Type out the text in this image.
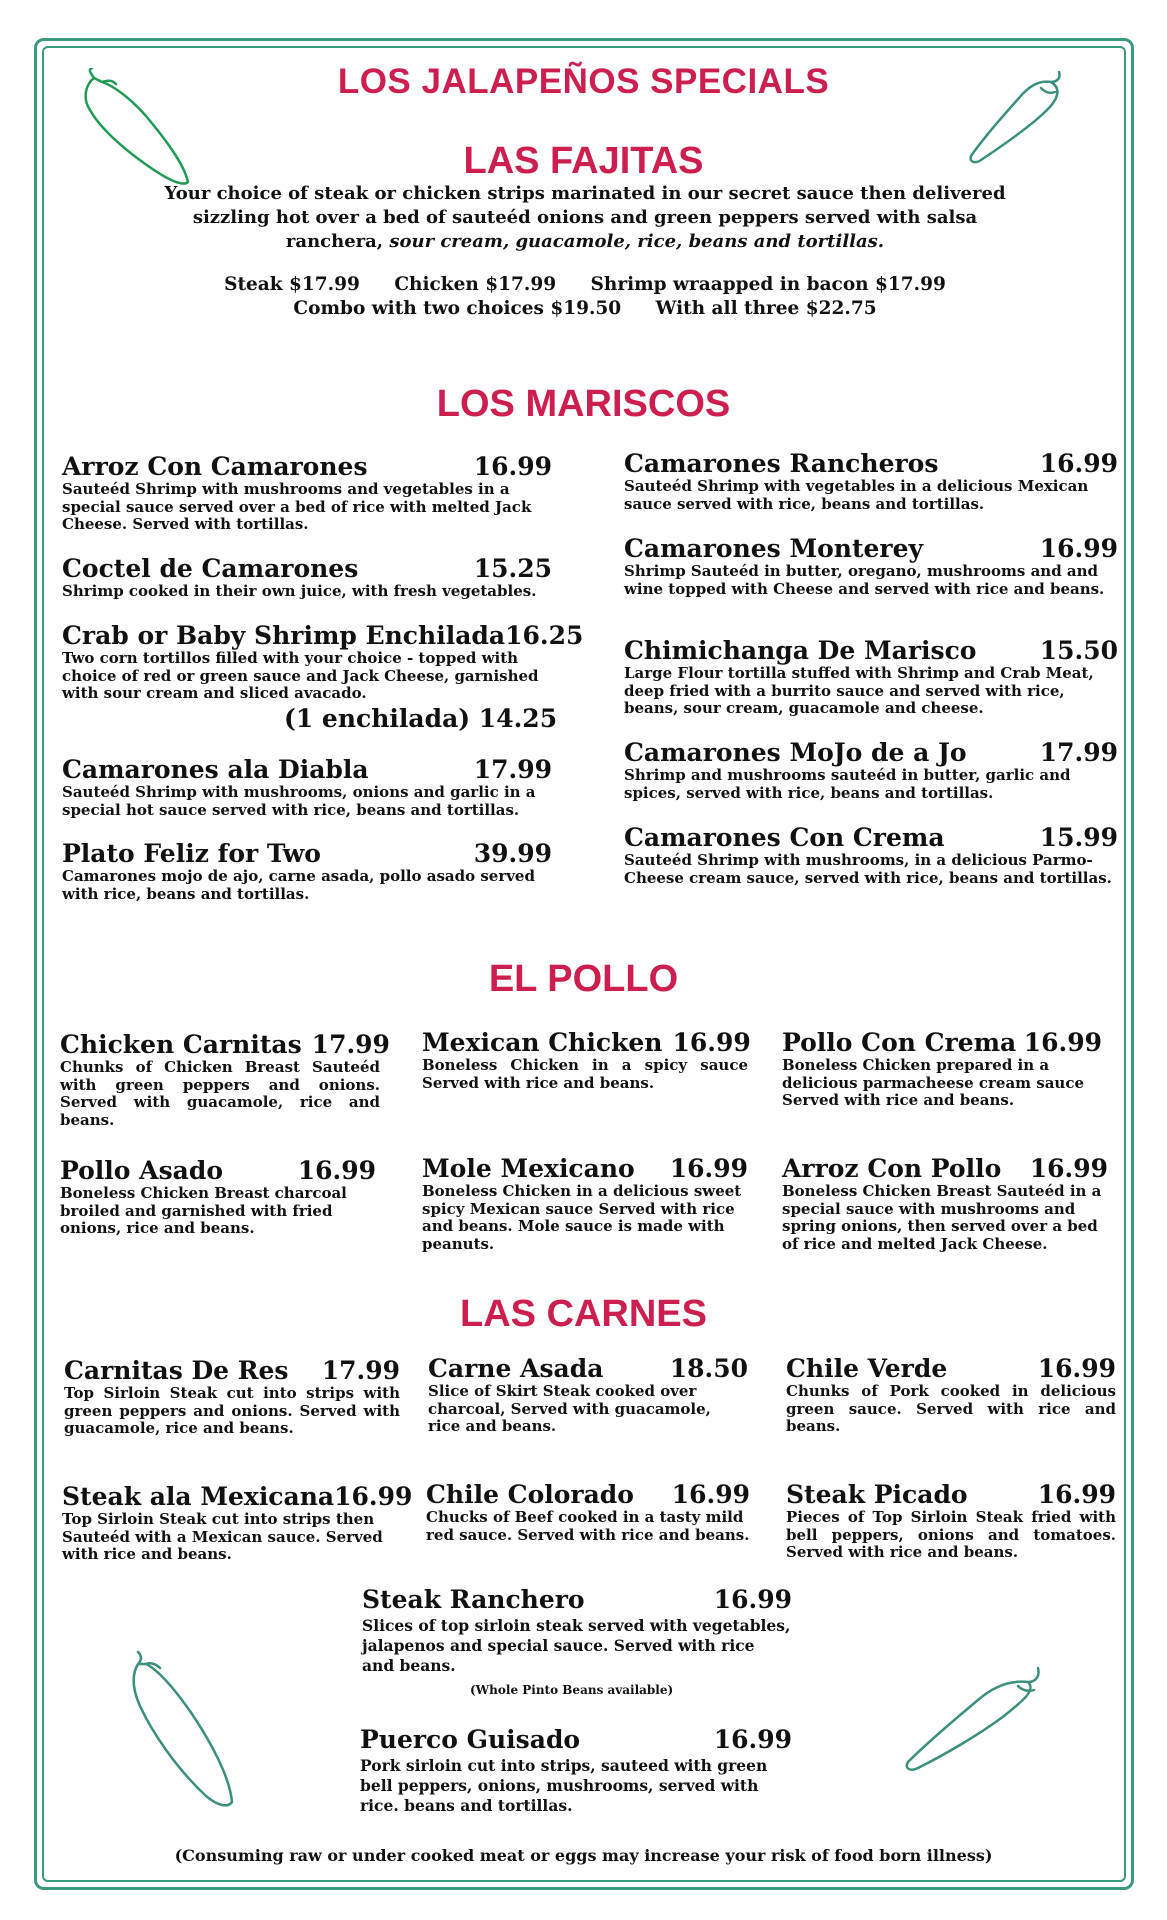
LOS JALAPEÑOS SPECIALS
LAS FAJITAS
Your choice of steak or chicken strips marinated in our secret sauce then delivered sizzling hot over a bed of sauteéd onions and green peppers served with salsa ranchera, sour cream, guacamole, rice, beans and tortillas.
Steak $17.99 Chicken $17.99 Shrimp wraapped in bacon $17.99
Combo with two choices $19.50 With all three $22.75
LOS MARISCOS
Arroz Con Camarones	16.99
Sauteéd Shrimp with mushrooms and vegetables in a special sauce served over a bed of rice with melted Jack Cheese. Served with tortillas.
Coctel de Camarones	15.25
Shrimp cooked in their own juice, with fresh vegetables.
Crab or Baby Shrimp Enchilada 16.25
Two corn tortillos filled with your choice - topped with choice of red or green sauce and Jack Cheese, garnished with sour cream and sliced avacado.
(1 enchilada) 14.25
Camarones ala Diabla	17.99
Sauteéd Shrimp with mushrooms, onions and garlic in a special hot sauce served with rice, beans and tortillas.
Plato Feliz for Two	39.99
Camarones mojo de ajo, carne asada, pollo asado served with rice, beans and tortillas.
Camarones Rancheros	16.99
Sauteéd Shrimp with vegetables in a delicious Mexican sauce served with rice, beans and tortillas.
Camarones Monterey	16.99
Shrimp Sauteéd in butter, oregano, mushrooms and and wine topped with Cheese and served with rice and beans.
Chimichanga De Marisco	15.50
Large Flour tortilla stuffed with Shrimp and Crab Meat, deep fried with a burrito sauce and served with rice, beans, sour cream, guacamole and cheese.
Camarones MoJo de a Jo	17.99
Shrimp and mushrooms sauteéd in butter, garlic and spices, served with rice, beans and tortillas.
Camarones Con Crema	15.99
Sauteéd Shrimp with mushrooms, in a delicious Parmo-Cheese cream sauce, served with rice, beans and tortillas.
EL POLLO
Chicken Carnitas 17.99
Chunks of Chicken Breast Sauteéd with green peppers and onions. Served with guacamole, rice and beans.
Mexican Chicken 16.99
Boneless Chicken in a spicy sauce Served with rice and beans.
Pollo Con Crema 16.99
Boneless Chicken prepared in a delicious parmacheese cream sauce Served with rice and beans.
Pollo Asado	16.99
Boneless Chicken Breast charcoal broiled and garnished with fried onions, rice and beans.
Mole Mexicano 16.99
Boneless Chicken in a delicious sweet spicy Mexican sauce Served with rice and beans. Mole sauce is made with peanuts.
Arroz Con Pollo 16.99
Boneless Chicken Breast Sauteéd in a special sauce with mushrooms and spring onions, then served over a bed of rice and melted Jack Cheese.
LAS CARNES
Carnitas De Res 17.99
Top Sirloin Steak cut into strips with green peppers and onions. Served with guacamole, rice and beans.
Carne Asada	18.50
Slice of Skirt Steak cooked over charcoal, Served with guacamole, rice and beans.
Chile Verde	16.99
Chunks of Pork cooked in delicious green sauce. Served with rice and beans.
Steak ala Mexicana 16.99
Top Sirloin Steak cut into strips then Sauteéd with a Mexican sauce. Served with rice and beans.
Chile Colorado 16.99
Chucks of Beef cooked in a tasty mild red sauce. Served with rice and beans.
Steak Picado	16.99
Pieces of Top Sirloin Steak fried with bell peppers, onions and tomatoes. Served with rice and beans.
Steak Ranchero	16.99
Slices of top sirloin steak served with vegetables, jalapenos and special sauce. Served with rice and beans.
(Whole Pinto Beans available)
Puerco Guisado	16.99
Pork sirloin cut into strips, sauteed with green bell peppers, onions, mushrooms, served with rice. beans and tortillas.
(Consuming raw or under cooked meat or eggs may increase your risk of food born illness)
